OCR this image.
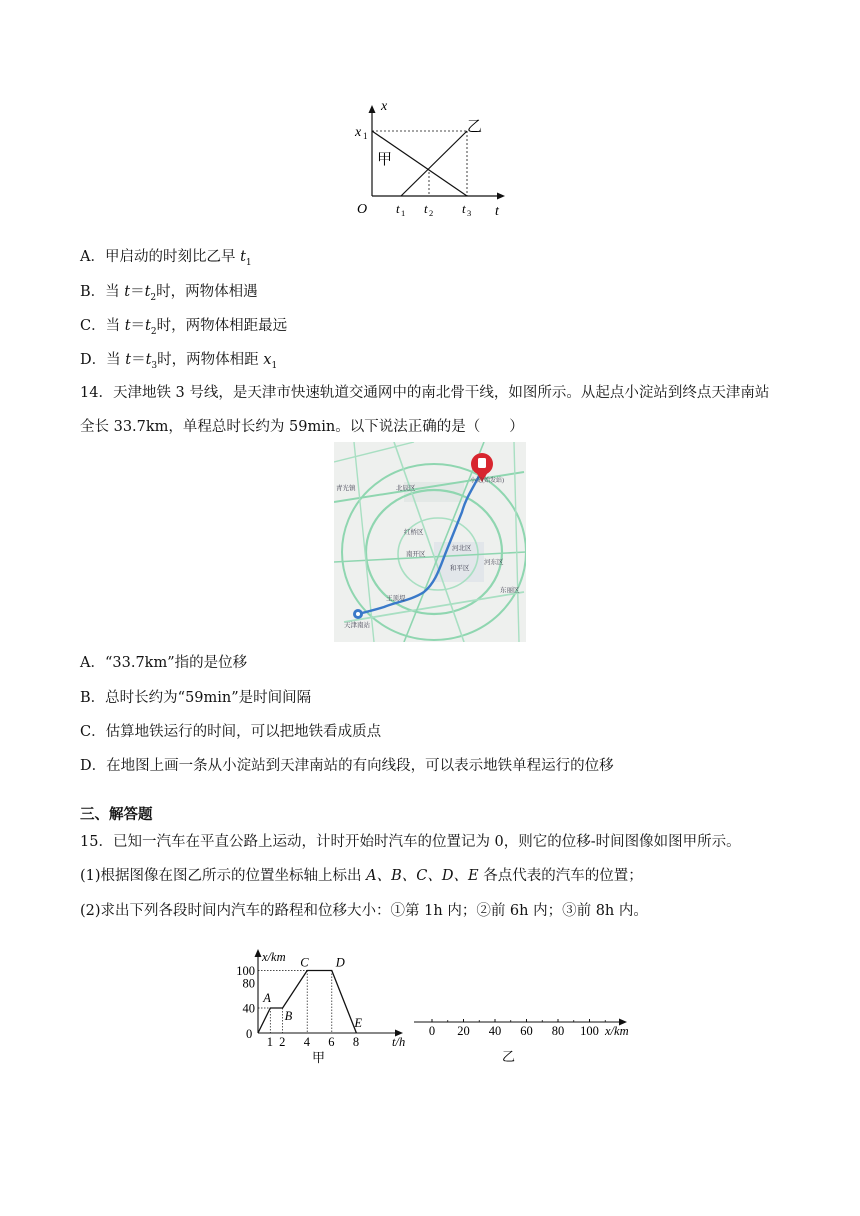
x
t
x 1
O t 1 t 2 t 3
甲
乙
A．甲启动的时刻比乙早 $t_1$
B．当 $t=t_2$时，两物体相遇
C．当 $t=t_2$时，两物体相距最远
D．当 $t=t_3$时，两物体相距 $x_1$
14．天津地铁 3 号线，是天津市快速轨道交通网中的南北骨干线，如图所示。从起点小淀站到终点天津南站全长 33.7km，单程总时长约为 59min。以下说法正确的是（　　）
北辰区
红桥区
河北区
南开区
和平区
河东区
小淀(始发站)
天津南站
青光镇
东丽区
王顶堤
A．“33.7km”指的是位移
B．总时长约为“59min”是时间间隔
C．估算地铁运行的时间，可以把地铁看成质点
D．在地图上画一条从小淀站到天津南站的有向线段，可以表示地铁单程运行的位移
三、解答题
15．已知一汽车在平直公路上运动，计时开始时汽车的位置记为 0，则它的位移-时间图像如图甲所示。
(1)根据图像在图乙所示的位置坐标轴上标出 A、B、C、D、E 各点代表的汽车的位置；
(2)求出下列各段时间内汽车的路程和位移大小：①第 1h 内；②前 6h 内；③前 8h 内。
A
B
C D
E
1 2 4 6 8
40
80
100
0
x/km
t/h
甲
0 20 40 60 80 100 x/km
乙
